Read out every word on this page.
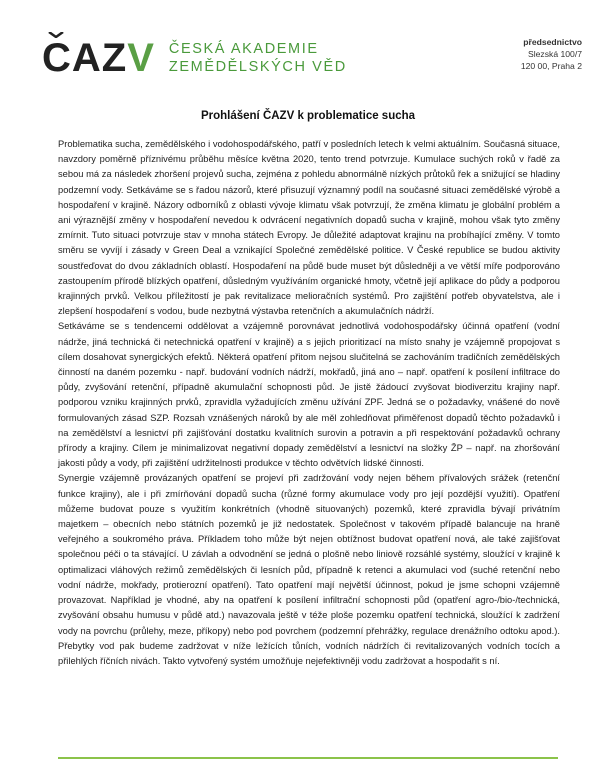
CAZ V ČESKÁ AKADEMIE
ZEMĚDĚLSKÝCH VĚD
předsednictvo
Slezská 100/7
120 00, Praha 2
Prohlášení ČAZV k problematice sucha

Problematika sucha, zemědělského i vodohospodářského, patří v posledních letech k velmi aktuálním. Současná situace, navzdory poměrně příznivému průběhu měsíce května 2020, tento trend potvrzuje. Kumulace suchých roků v řadě za sebou má za následek zhoršení projevů sucha, zejména z pohledu abnormálně nízkých průtoků řek a snižující se hladiny podzemní vody. Setkáváme se s řadou názorů, které přisuzují významný podíl na současné situaci zemědělské výrobě a hospodaření v krajině. Názory odborníků z oblasti vývoje klimatu však potvrzují, že změna klimatu je globální problém a ani výraznější změny v hospodaření nevedou k odvrácení negativních dopadů sucha v krajině, mohou však tyto změny zmírnit. Tuto situaci potvrzuje stav v mnoha státech Evropy. Je důležité adaptovat krajinu na probíhající změny. V tomto směru se vyvíjí i zásady v Green Deal a vznikající Společné zemědělské politice. V České republice se budou aktivity soustřeďovat do dvou základních oblastí. Hospodaření na půdě bude muset být důsledněji a ve větší míře podporováno zastoupením přírodě blízkých opatření, důsledným využíváním organické hmoty, včetně její aplikace do půdy a podporou krajinných prvků. Velkou příležitostí je pak revitalizace melioračních systémů. Pro zajištění potřeb obyvatelstva, ale i zlepšení hospodaření s vodou, bude nezbytná výstavba retenčních a akumulačních nádrží.

Setkáváme se s tendencemi oddělovat a vzájemně porovnávat jednotlivá vodohospodářsky účinná opatření (vodní nádrže, jiná technická či netechnická opatření v krajině) a s jejich prioritizací na místo snahy je vzájemně propojovat s cílem dosahovat synergických efektů. Některá opatření přitom nejsou slučitelná se zachováním tradičních zemědělských činností na daném pozemku - např. budování vodních nádrží, mokřadů, jiná ano – např. opatření k posílení infiltrace do půdy, zvyšování retenční, případně akumulační schopnosti půd. Je jistě žádoucí zvyšovat biodiverzitu krajiny např. podporou vzniku krajinných prvků, zpravidla vyžadujících změnu užívání ZPF. Jedná se o požadavky, vnášené do nově formulovaných zásad SZP. Rozsah vznášených nároků by ale měl zohledňovat přiměřenost dopadů těchto požadavků i na zemědělství a lesnictví při zajišťování dostatku kvalitních surovin a potravin a při respektování požadavků ochrany přírody a krajiny. Cílem je minimalizovat negativní dopady zemědělství a lesnictví na složky ŽP – např. na zhoršování jakosti půdy a vody, při zajištění udržitelnosti produkce v těchto odvětvích lidské činnosti.

Synergie vzájemně provázaných opatření se projeví při zadržování vody nejen během přívalových srážek (retenční funkce krajiny), ale i při zmírňování dopadů sucha (různé formy akumulace vody pro její pozdější využití). Opatření můžeme budovat pouze s využitím konkrétních (vhodně situovaných) pozemků, které zpravidla bývají privátním majetkem – obecních nebo státních pozemků je již nedostatek. Společnost v takovém případě balancuje na hraně veřejného a soukromého práva. Příkladem toho může být nejen obtížnost budovat opatření nová, ale také zajišťovat společnou péči o ta stávající. U závlah a odvodnění se jedná o plošně nebo liniově rozsáhlé systémy, sloužící v krajině k optimalizaci vláhových režimů zemědělských či lesních půd, případně k retenci a akumulaci vod (suché retenční nebo vodní nádrže, mokřady, protierozní opatření). Tato opatření mají největší účinnost, pokud je jsme schopni vzájemně provazovat. Například je vhodné, aby na opatření k posílení infiltrační schopnosti půd (opatření agro-/bio-/technická, zvyšování obsahu humusu v půdě atd.) navazovala ještě v téže ploše pozemku opatření technická, sloužící k zadržení vody na povrchu (průlehy, meze, příkopy) nebo pod povrchem (podzemní přehrážky, regulace drenážního odtoku apod.). Přebytky vod pak budeme zadržovat v níže ležících tůních, vodních nádržích či revitalizovaných vodních tocích a přilehlých říčních nivách. Takto vytvořený systém umožňuje nejefektivněji vodu zadržovat a hospodařit s ní.
